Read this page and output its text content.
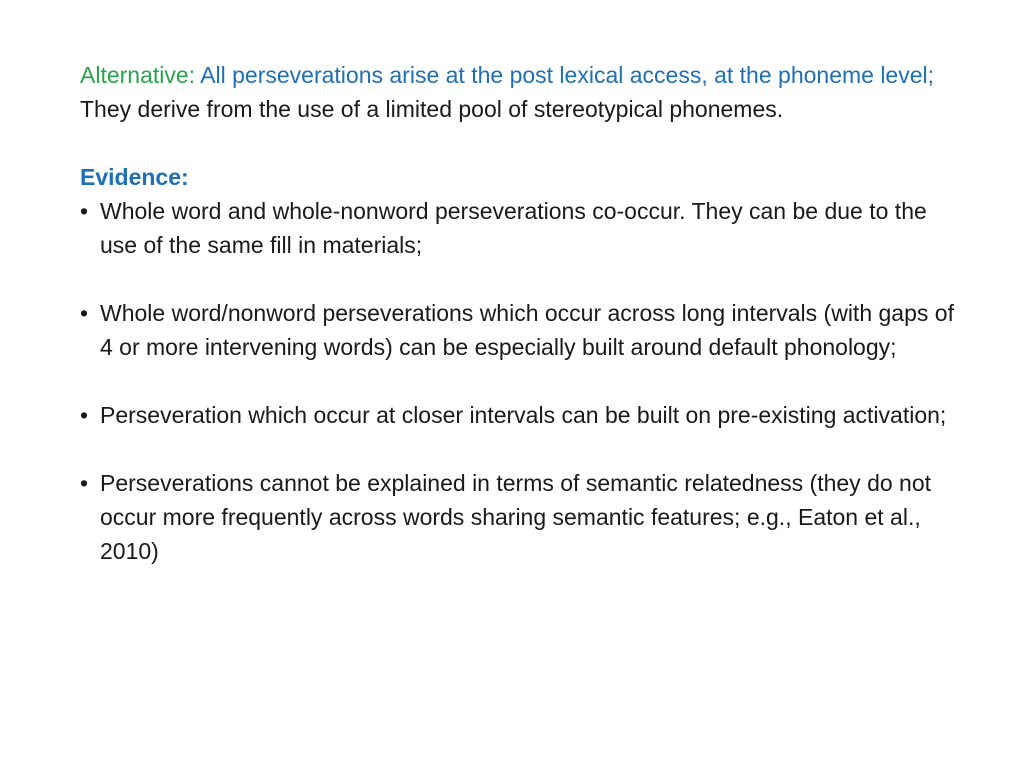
Alternative: All perseverations arise at the post lexical access, at the phoneme level; They derive from the use of a limited pool of stereotypical phonemes.

Evidence:
• Whole word and whole-nonword perseverations co-occur. They can be due to the use of the same fill in materials;
• Whole word/nonword perseverations which occur across long intervals (with gaps of 4 or more intervening words) can be especially built around default phonology;
• Perseveration which occur at closer intervals can be built on pre-existing activation;
• Perseverations cannot be explained in terms of semantic relatedness (they do not occur more frequently across words sharing semantic features; e.g., Eaton et al., 2010)
